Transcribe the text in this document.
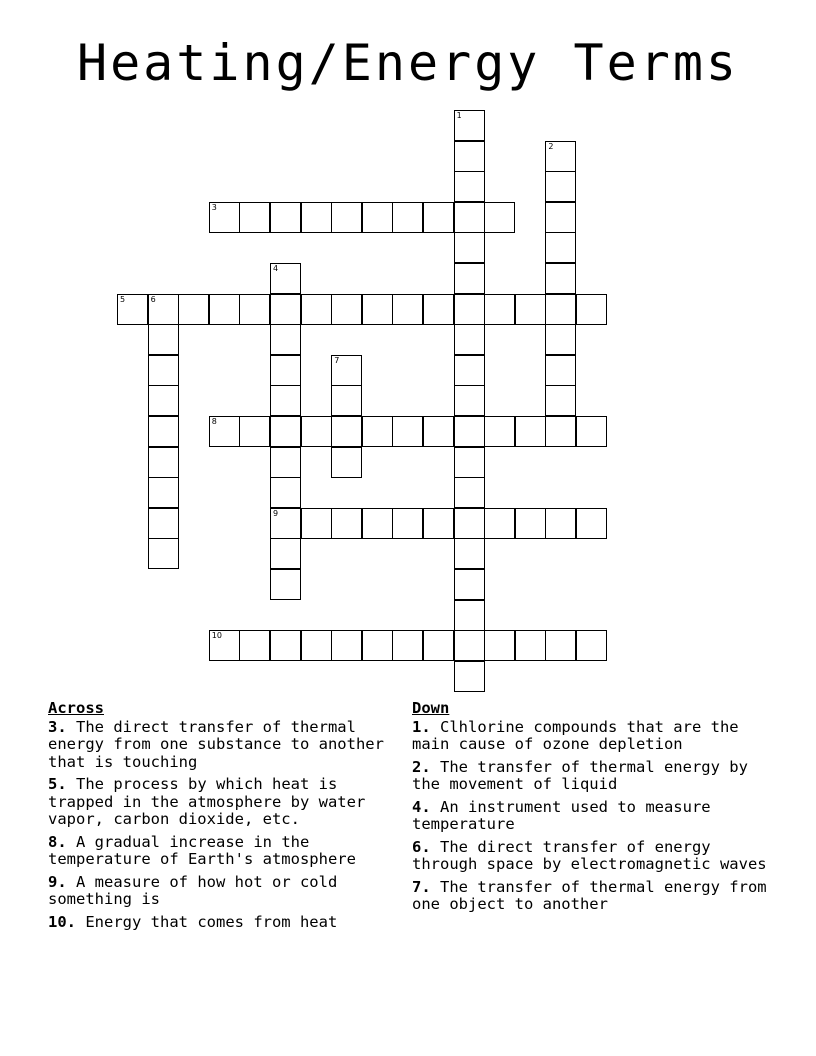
Heating/Energy Terms
3
5	6
8
9
10
1
2
4
7
Across
3. The direct transfer of thermal energy from one substance to another that is touching
5. The process by which heat is trapped in the atmosphere by water vapor, carbon dioxide, etc.
8. A gradual increase in the temperature of Earth's atmosphere
9. A measure of how hot or cold something is
10. Energy that comes from heat
Down
1. Clhlorine compounds that are the main cause of ozone depletion
2. The transfer of thermal energy by the movement of liquid
4. An instrument used to measure temperature
6. The direct transfer of energy through space by electromagnetic waves
7. The transfer of thermal energy from one object to another
